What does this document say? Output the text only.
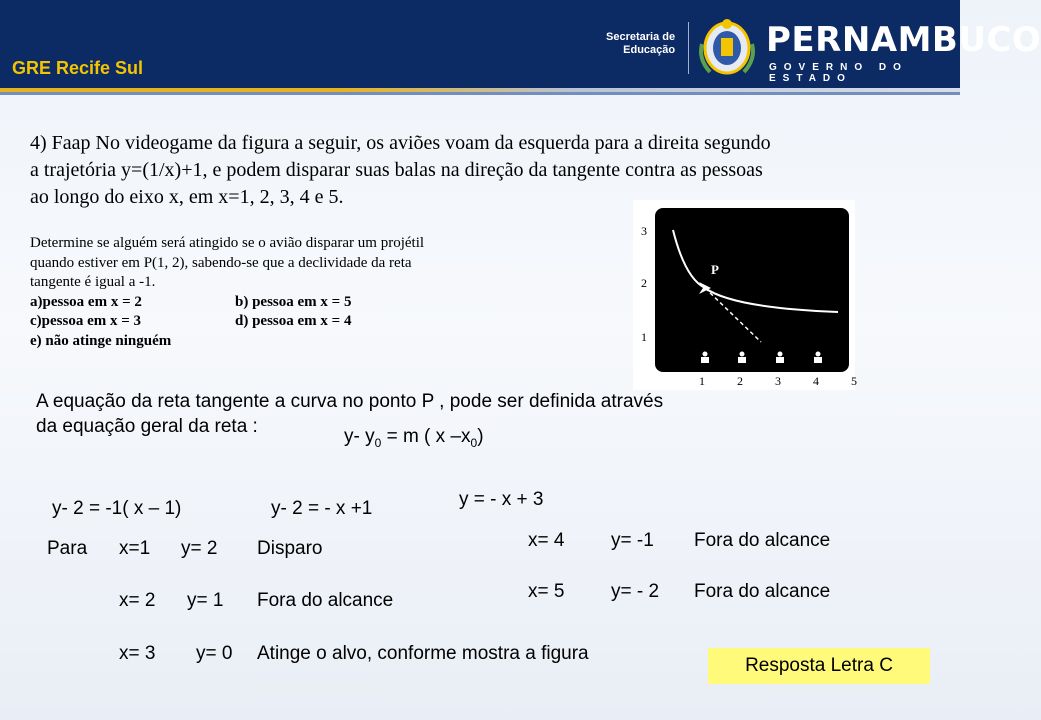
GRE Recife Sul
Secretaria de
Educação	PERNAMBUCO
GOVERNO DO ESTADO
4) Faap No videogame da figura a seguir, os aviões voam da esquerda para a direita segundo
a trajetória y=(1/x)+1, e podem disparar suas balas na direção da tangente contra as pessoas
ao longo do eixo x, em x=1, 2, 3, 4 e 5.
Determine se alguém será atingido se o avião disparar um projétil
quando estiver em P(1, 2), sabendo-se que a declividade da reta
tangente é igual a -1.
a)pessoa em x = 2	b) pessoa em x = 5
c)pessoa em x = 3	d) pessoa em x = 4
e) não atinge ninguém
3
2
1
P
1	2	3	4	5
A equação da reta tangente a curva no ponto P , pode ser definida através
da equação geral da reta :	y- $y_0 = m$ ( x $-x_0$)
y- 2 = -1( x – 1)	y- 2 = - x +1	y = - x + 3
Para x=1 y= 2 Disparo
x= 2 y= 1 Fora do alcance
x= 3 y= 0 Atinge o alvo, conforme mostra a figura
x= 4 y= -1 Fora do alcance
x= 5 y= - 2 Fora do alcance
Resposta Letra C
